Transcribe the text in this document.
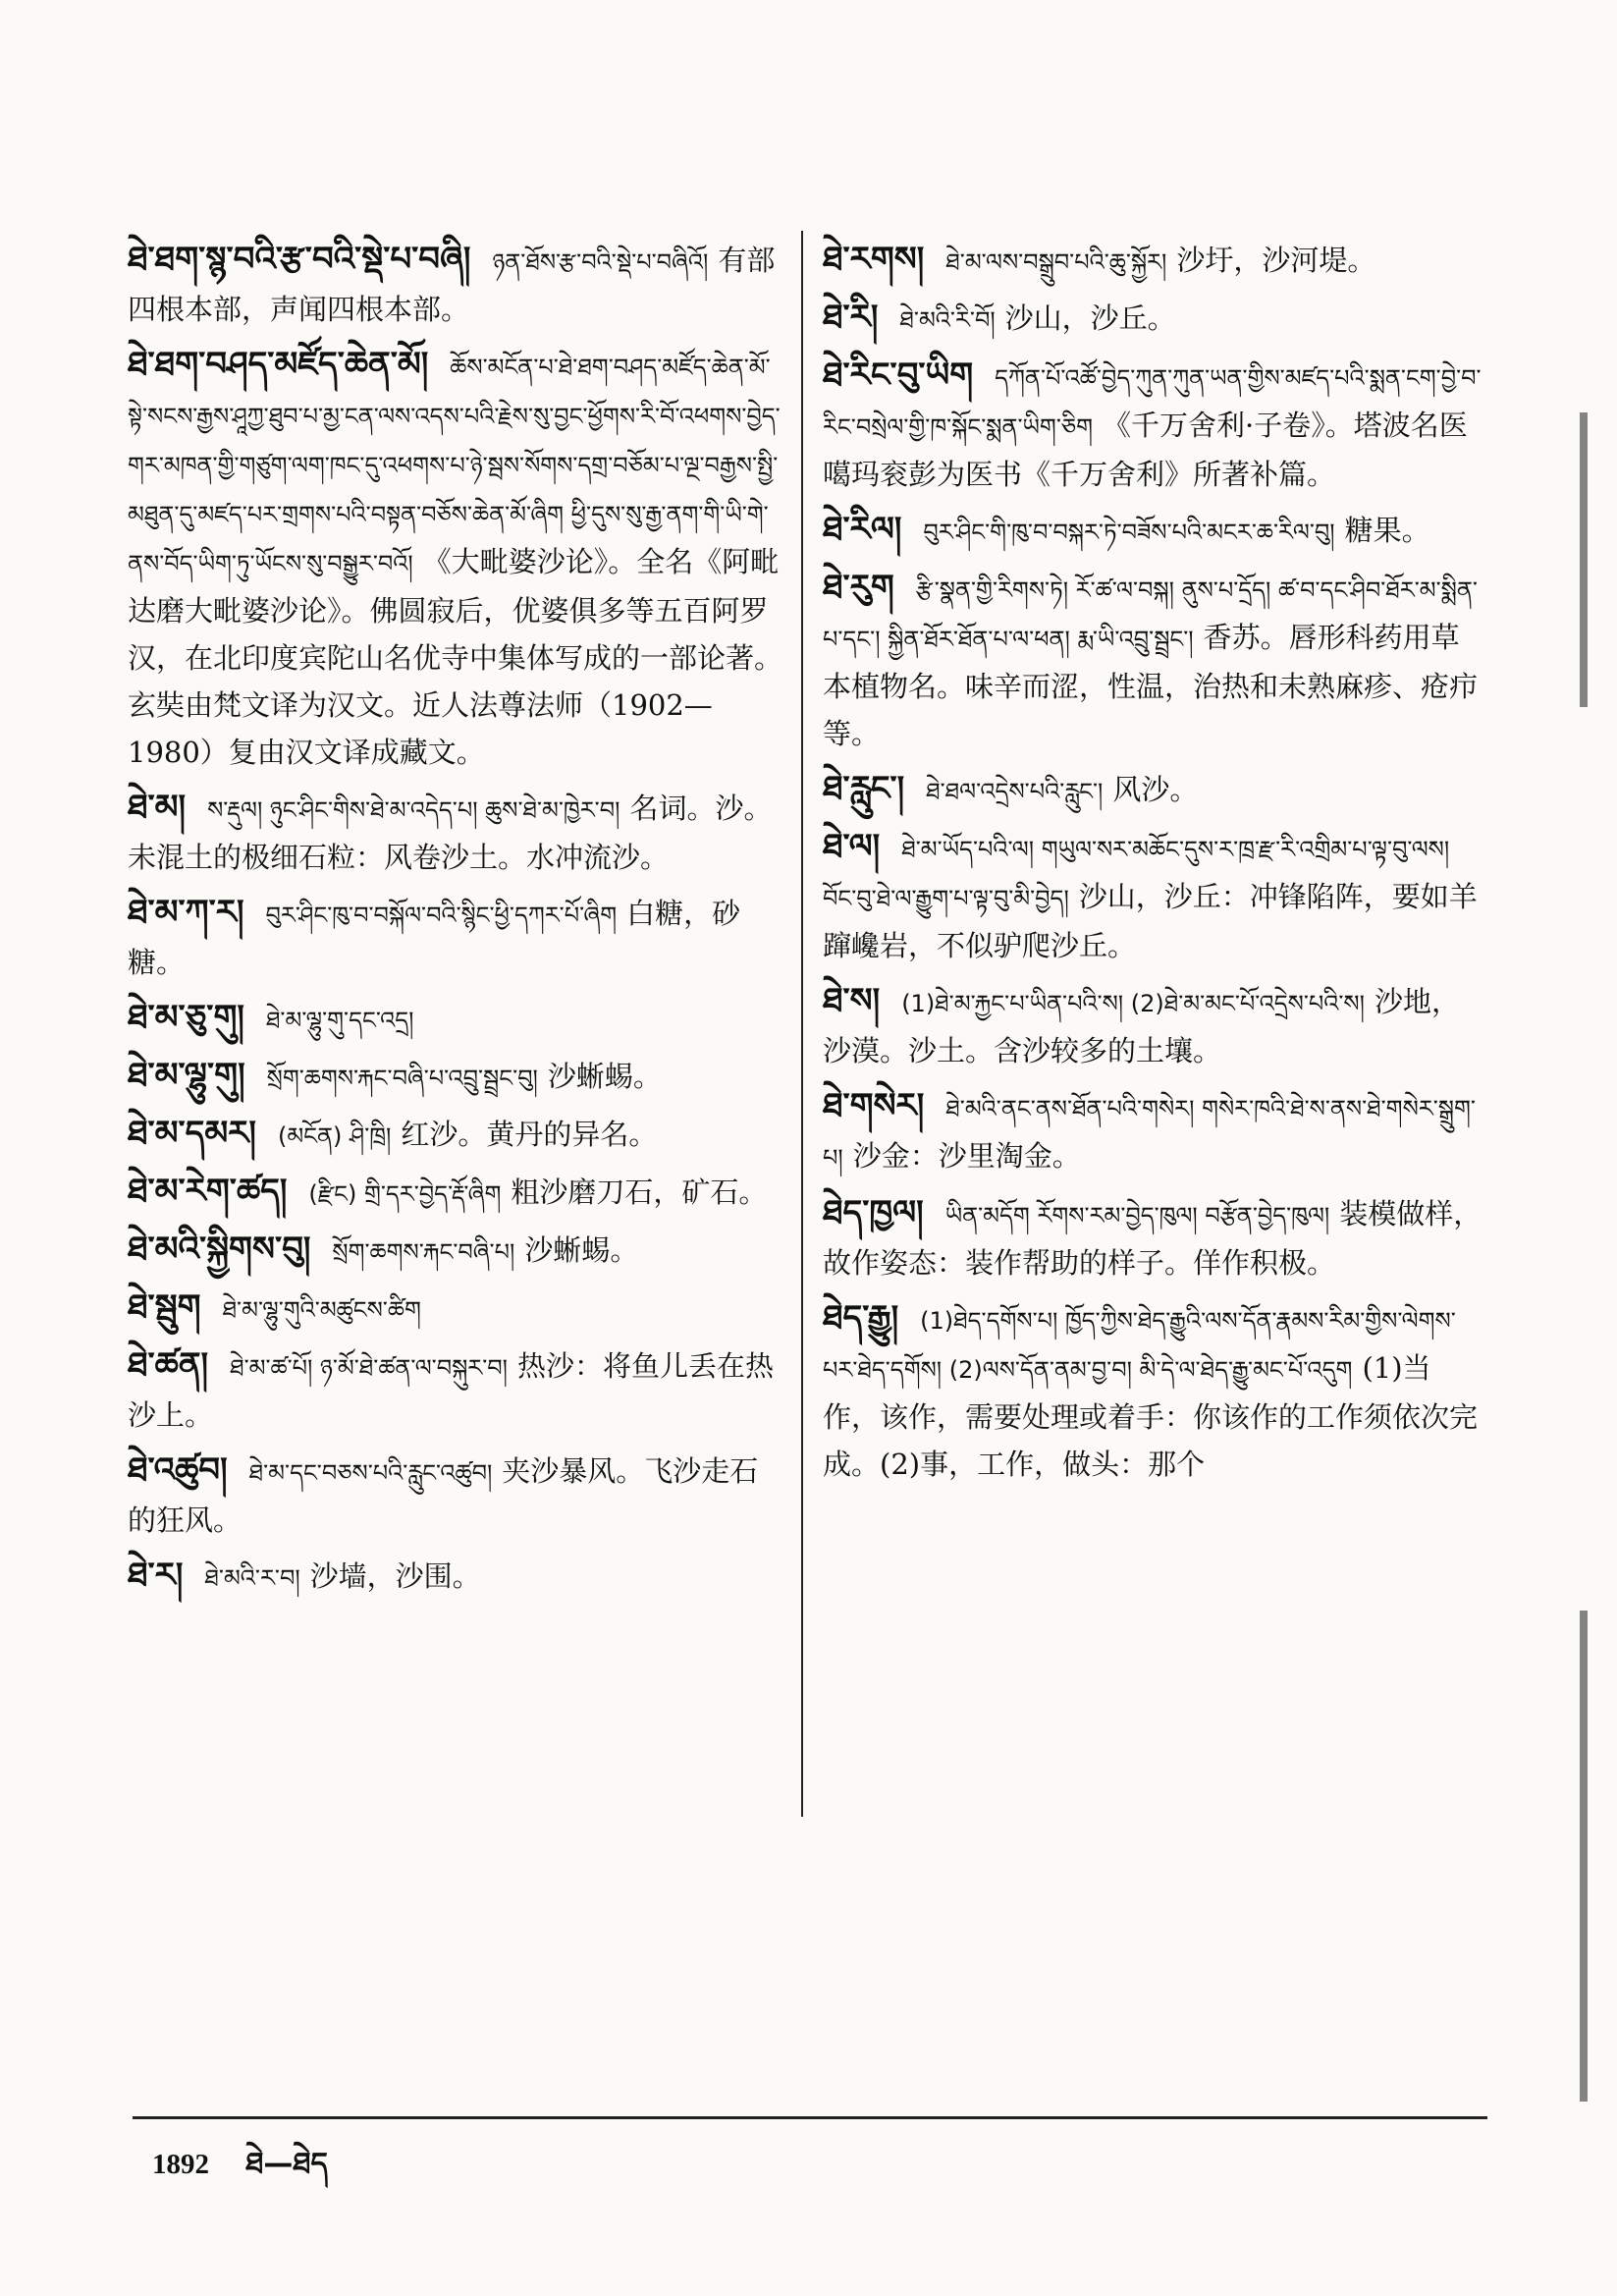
ཐེ་ཐག་སྙ་བའི་རྩ་བའི་སྡེ་པ་བཞི། ཉན་ཐོས་རྩ་བའི་སྡེ་པ་བཞིའོ། 有部四根本部，声闻四根本部。
ཐེ་ཐག་བཤད་མཛོད་ཆེན་མོ། ཆོས་མངོན་པ་ཐེ་ཐག་བཤད་མཛོད་ཆེན་མོ་སྟེ་སངས་རྒྱས་ཤཱཀྱ་ཐུབ་པ་མྱ་ངན་ལས་འདས་པའི་རྗེས་སུ་བྱང་ཕྱོགས་རི་བོ་འཕགས་བྱེད་གར་མཁན་གྱི་གཙུག་ལག་ཁང་དུ་འཕགས་པ་ཉེ་སྦས་སོགས་དགྲ་བཅོམ་པ་ལྔ་བརྒྱས་སྤྱི་མཐུན་དུ་མཛད་པར་གྲགས་པའི་བསྟན་བཅོས་ཆེན་མོ་ཞིག ཕྱི་དུས་སུ་རྒྱ་ནག་གི་ཡི་གེ་ནས་བོད་ཡིག་ཏུ་ཡོངས་སུ་བསྒྱུར་བའོ། 《大毗婆沙论》。全名《阿毗达磨大毗婆沙论》。佛圆寂后，优婆俱多等五百阿罗汉，在北印度宾陀山名优寺中集体写成的一部论著。玄奘由梵文译为汉文。近人法尊法师（1902—1980）复由汉文译成藏文。
ཐེ་མ། ས་རྡུལ། ཉུང་ཤིང་གིས་ཐེ་མ་འདེད་པ། ཆུས་ཐེ་མ་ཁྱེར་བ། 名词。沙。未混土的极细石粒：风卷沙土。水冲流沙。
ཐེ་མ་ཀ་ར། བུར་ཤིང་ཁུ་བ་བསྐོལ་བའི་སྙིང་ཕྱི་དཀར་པོ་ཞིག 白糖，砂糖。
ཐེ་མ་ཅུ་གུ། ཐེ་མ་ལྷུ་གུ་དང་འདྲ།
ཐེ་མ་ལྷུ་གུ། སྲོག་ཆགས་རྐང་བཞི་པ་འབྲུ་སྦྲང་བུ། 沙蜥蜴。
ཐེ་མ་དམར། (མངོན) ཤི་ཁྲི། 红沙。黄丹的异名。
ཐེ་མ་རེག་ཚད། (རྫིང) གྲི་དར་བྱེད་རྡོ་ཞིག 粗沙磨刀石，矿石。
ཐེ་མའི་སྐྱིགས་བུ། སྲོག་ཆགས་རྐང་བཞི་པ། 沙蜥蜴。
ཐེ་སྦུག ཐེ་མ་ལྷུ་གུའི་མཚུངས་ཚིག
ཐེ་ཚན། ཐེ་མ་ཚ་པོ། ཉ་མོ་ཐེ་ཚན་ལ་བསྐུར་བ། 热沙：将鱼儿丢在热沙上。
ཐེ་འཚུབ། ཐེ་མ་དང་བཅས་པའི་རླུང་འཚུབ། 夹沙暴风。飞沙走石的狂风。
ཐེ་ར། ཐེ་མའི་ར་བ། 沙墙，沙围。
ཐེ་རགས། ཐེ་མ་ལས་བསྒྲུབ་པའི་ཆུ་སྐྱོར། 沙圩，沙河堤。
ཐེ་རི། ཐེ་མའི་རི་བོ། 沙山，沙丘。
ཐེ་རིང་བུ་ཡིག དཀོན་པོ་འཚོ་བྱེད་ཀུན་ཀུན་ཡན་གྱིས་མཛད་པའི་སྨན་ངག་བྱེ་བ་རིང་བསྲེལ་གྱི་ཁ་སྐོང་སྨན་ཡིག་ཅིག 《千万舍利·子卷》。塔波名医噶玛衮彭为医书《千万舍利》所著补篇。
ཐེ་རིལ། བུར་ཤིང་གི་ཁུ་བ་བསྐར་ཏེ་བཟོས་པའི་མངར་ཆ་རིལ་བུ། 糖果。
ཐེ་རུག རྩི་སྣན་གྱི་རིགས་ཏེ། རོ་ཚ་ལ་བསྐ། ནུས་པ་དྲོད། ཚ་བ་དང་ཤིབ་ཐོར་མ་སྨིན་པ་དང་། སྐྱིན་ཐོར་ཐོན་པ་ལ་ཕན། རྨ་ཡི་འབྲུ་སྦྲང་། 香苏。唇形科药用草本植物名。味辛而涩，性温，治热和未熟麻疹、疮疖等。
ཐེ་རླུང་། ཐེ་ཐལ་འདྲེས་པའི་རླུང་། 风沙。
ཐེ་ལ། ཐེ་མ་ཡོད་པའི་ལ། གཡུལ་སར་མཆོང་དུས་ར་ཁྲ་རྫ་རི་འགྲིམ་པ་ལྟ་བུ་ལས། བོང་བུ་ཐེ་ལ་རྒྱུག་པ་ལྟ་བུ་མི་བྱེད། 沙山，沙丘：冲锋陷阵，要如羊蹿巉岩，不似驴爬沙丘。
ཐེ་ས། (1)ཐེ་མ་རྐྱང་པ་ཡིན་པའི་ས། (2)ཐེ་མ་མང་པོ་འདྲེས་པའི་ས། 沙地，沙漠。沙土。含沙较多的土壤。
ཐེ་གསེར། ཐེ་མའི་ནང་ནས་ཐོན་པའི་གསེར། གསེར་ཁའི་ཐེ་ས་ནས་ཐེ་གསེར་སྒྲུག་པ། 沙金：沙里淘金。
ཐེད་ཁྱལ། ཡིན་མདོག རོགས་རམ་བྱེད་ཁུལ། བརྩོན་བྱེད་ཁུལ། 装模做样，故作姿态：装作帮助的样子。佯作积极。
ཐེད་རྒྱུ། (1)ཐེད་དགོས་པ། ཁྱོད་ཀྱིས་ཐེད་རྒྱུའི་ལས་དོན་རྣམས་རིམ་གྱིས་ལེགས་པར་ཐེད་དགོས། (2)ལས་དོན་ནམ་བྱ་བ། མི་དེ་ལ་ཐེད་རྒྱུ་མང་པོ་འདུག (1)当作，该作，需要处理或着手：你该作的工作须依次完成。(2)事，工作，做头：那个
1892 ཐེ—ཐེད
